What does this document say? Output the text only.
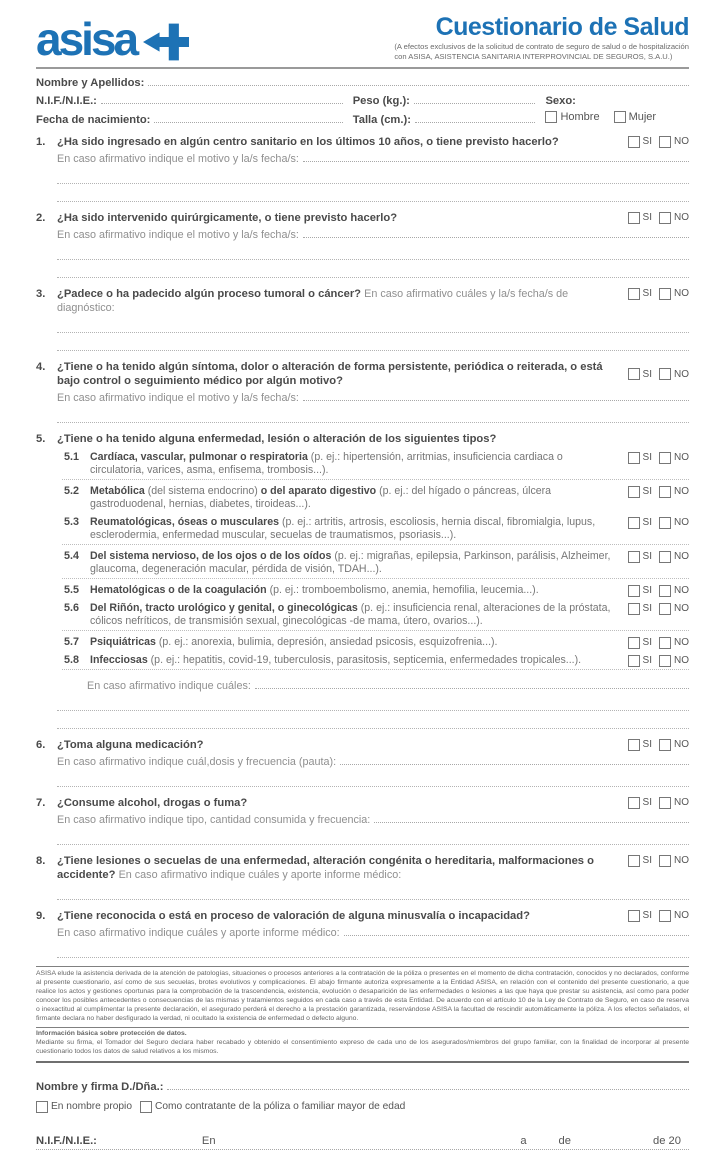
asisa	Cuestionario de Salud
(A efectos exclusivos de la solicitud de contrato de seguro de salud o de hospitalización
con ASISA, ASISTENCIA SANITARIA INTERPROVINCIAL DE SEGUROS, S.A.U.)
Nombre y Apellidos:
N.I.F./N.I.E.:	Peso (kg.):	Sexo:
Fecha de nacimiento:	Talla (cm.):	Hombre	Mujer
1.	¿Ha sido ingresado en algún centro sanitario en los últimos 10 años, o tiene previsto hacerlo?	SI NO
En caso afirmativo indique el motivo y la/s fecha/s:
2.	¿Ha sido intervenido quirúrgicamente, o tiene previsto hacerlo?	SI NO
En caso afirmativo indique el motivo y la/s fecha/s:
3.	¿Padece o ha padecido algún proceso tumoral o cáncer? En caso afirmativo cuáles y la/s fecha/s de diagnóstico:
SI NO
4.	¿Tiene o ha tenido algún síntoma, dolor o alteración de forma persistente, periódica o reiterada, o está bajo control o seguimiento médico por algún motivo?
SI NO
En caso afirmativo indique el motivo y la/s fecha/s:
5.	¿Tiene o ha tenido alguna enfermedad, lesión o alteración de los siguientes tipos?
5.1	Cardíaca, vascular, pulmonar o respiratoria (p. ej.: hipertensión, arritmias, insuficiencia cardiaca o circulatoria, varices, asma, enfisema, trombosis...).
SI NO
5.2	Metabólica (del sistema endocrino) o del aparato digestivo (p. ej.: del hígado o páncreas, úlcera gastroduodenal, hernias, diabetes, tiroideas...).
SI NO
5.3	Reumatológicas, óseas o musculares (p. ej.: artritis, artrosis, escoliosis, hernia discal, fibromialgia, lupus, esclerodermia, enfermedad muscular, secuelas de traumatismos, psoriasis...).
SI NO
5.4	Del sistema nervioso, de los ojos o de los oídos (p. ej.: migrañas, epilepsia, Parkinson, parálisis, Alzheimer, glaucoma, degeneración macular, pérdida de visión, TDAH...).
SI NO
5.5	Hematológicas o de la coagulación (p. ej.: tromboembolismo, anemia, hemofilia, leucemia...).	SI NO
5.6	Del Riñón, tracto urológico y genital, o ginecológicas (p. ej.: insuficiencia renal, alteraciones de la próstata, cólicos nefríticos, de transmisión sexual, ginecológicas -de mama, útero, ovarios...).
SI NO
5.7	Psiquiátricas (p. ej.: anorexia, bulimia, depresión, ansiedad psicosis, esquizofrenia...).	SI NO
5.8	Infecciosas (p. ej.: hepatitis, covid-19, tuberculosis, parasitosis, septicemia, enfermedades tropicales...).	SI NO
En caso afirmativo indique cuáles:
6.	¿Toma alguna medicación?	SI NO
En caso afirmativo indique cuál,dosis y frecuencia (pauta):
7.	¿Consume alcohol, drogas o fuma?	SI NO
En caso afirmativo indique tipo, cantidad consumida y frecuencia:
8.	¿Tiene lesiones o secuelas de una enfermedad, alteración congénita o hereditaria, malformaciones o accidente? En caso afirmativo indique cuáles y aporte informe médico:
SI NO
9.	¿Tiene reconocida o está en proceso de valoración de alguna minusvalía o incapacidad?	SI NO
En caso afirmativo indique cuáles y aporte informe médico:

ASISA elude la asistencia derivada de la atención de patologías, situaciones o procesos anteriores a la contratación de la póliza o presentes en el momento de dicha contratación, conocidos y no declarados, conforme al presente cuestionario, así como de sus secuelas, brotes evolutivos y complicaciones. El abajo firmante autoriza expresamente a la Entidad ASISA, en relación con el contenido del presente cuestionario, a que realice los actos y gestiones oportunas para la comprobación de la trascendencia, existencia, evolución o desaparición de las enfermedades o lesiones a las que haya que prestar su asistencia, así como para poder conocer los posibles antecedentes o consecuencias de las mismas y tratamientos seguidos en cada caso a través de esta Entidad. De acuerdo con el artículo 10 de la Ley de Contrato de Seguro, en caso de reserva o inexactitud al cumplimentar la presente declaración, el asegurado perderá el derecho a la prestación garantizada, reservándose ASISA la facultad de rescindir automáticamente la póliza. A los efectos señalados, el firmante declara no haber desfigurado la verdad, ni ocultado la existencia de enfermedad o defecto alguno.

Información básica sobre protección de datos.

Mediante su firma, el Tomador del Seguro declara haber recabado y obtenido el consentimiento expreso de cada uno de los asegurados/miembros del grupo familiar, con la finalidad de incorporar al presente cuestionario todos los datos de salud relativos a los mismos.

Nombre y firma D./Dña.:
En nombre propio Como contratante de la póliza o familiar mayor de edad
N.I.F./N.I.E.:	En	a	de	de 20
